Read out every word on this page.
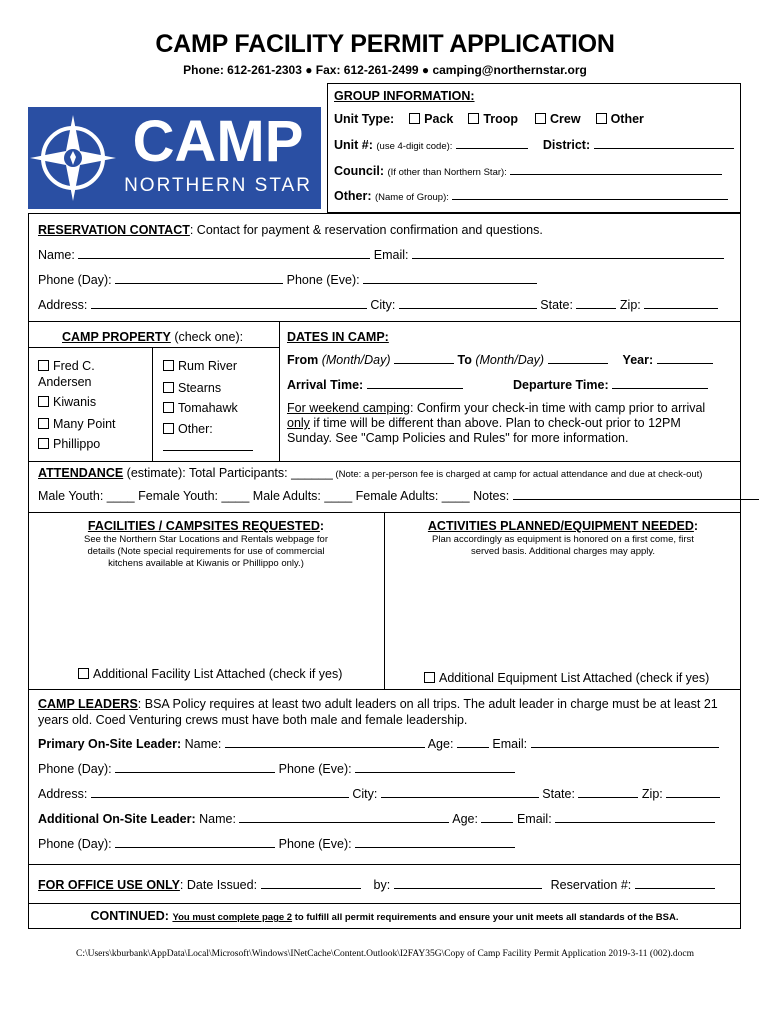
CAMP FACILITY PERMIT APPLICATION
Phone: 612-261-2303 ● Fax: 612-261-2499 ● camping@northernstar.org
CAMP
NORTHERN STAR
GROUP INFORMATION:
Unit Type: Pack Troop	Crew Other
Unit #: (use 4-digit code):	District:
Council: (If other than Northern Star):
Other: (Name of Group):
RESERVATION CONTACT: Contact for payment & reservation confirmation and questions.
Name:	Email:
Phone (Day):	Phone (Eve):
Address:	City:	State:	Zip:
CAMP PROPERTY (check one):
Fred C. Andersen
Kiwanis
Many Point
Phillippo
Rum River
Stearns
Tomahawk
Other:
DATES IN CAMP:
From (Month/Day)	To (Month/Day)	Year:
Arrival Time:	Departure Time:
For weekend camping: Confirm your check-in time with camp prior to arrival
only if time will be different than above. Plan to check-out prior to 12PM
Sunday. See "Camp Policies and Rules" for more information.
ATTENDANCE (estimate): Total Participants: ______ (Note: a per-person fee is charged at camp for actual attendance and due at check-out)
Male Youth: ____ Female Youth: ____ Male Adults: ____ Female Adults: ____ Notes:
FACILITIES / CAMPSITES REQUESTED:
See the Northern Star Locations and Rentals webpage for details (Note special requirements for use of commercial kitchens available at Kiwanis or Phillippo only.)
Additional Facility List Attached (check if yes)
ACTIVITIES PLANNED/EQUIPMENT NEEDED:
Plan accordingly as equipment is honored on a first come, first served basis. Additional charges may apply.
Additional Equipment List Attached (check if yes)
CAMP LEADERS: BSA Policy requires at least two adult leaders on all trips. The adult leader in charge must be at least 21 years old. Coed Venturing crews must have both male and female leadership.
Primary On-Site Leader: Name:	Age:	Email:
Phone (Day):	Phone (Eve):
Address:	City:	State:	Zip:
Additional On-Site Leader: Name:	Age:	Email:
Phone (Day):	Phone (Eve):
FOR OFFICE USE ONLY: Date Issued:	by:	Reservation #:
CONTINUED: You must complete page 2 to fulfill all permit requirements and ensure your unit meets all standards of the BSA.
C:\Users\kburbank\AppData\Local\Microsoft\Windows\INetCache\Content.Outlook\I2FAY35G\Copy of Camp Facility Permit Application 2019-3-11 (002).docm
